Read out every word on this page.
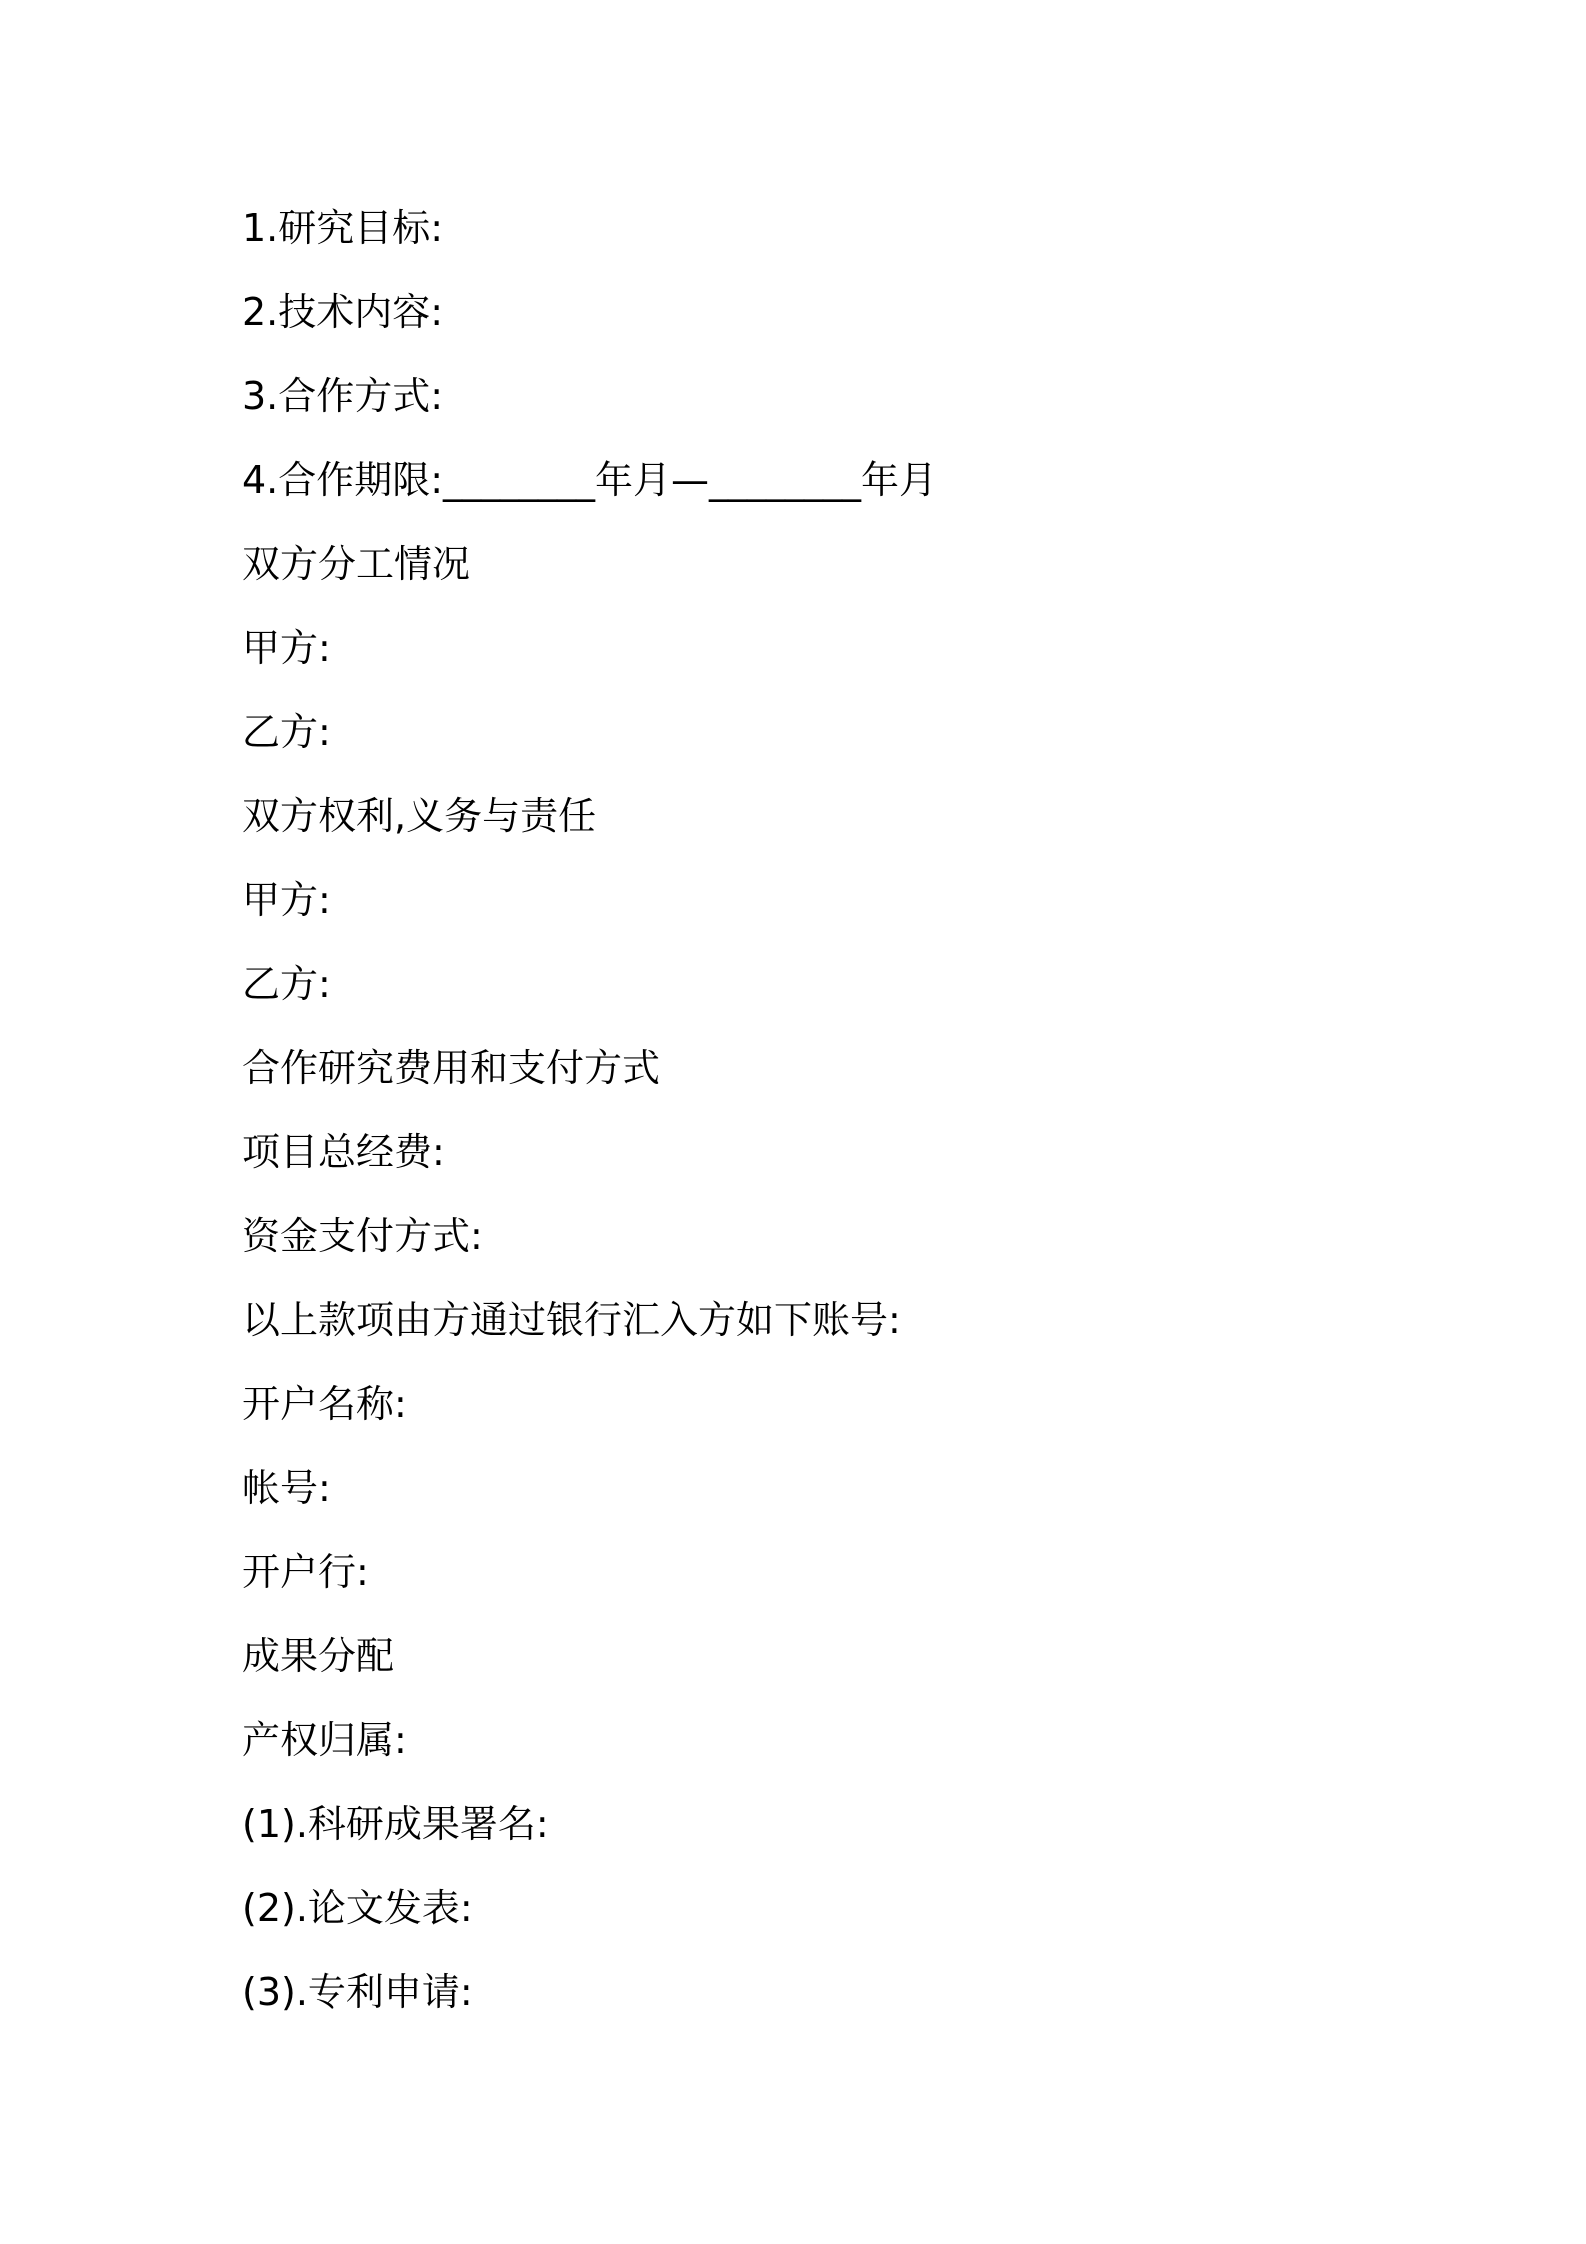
1.研究目标:
2.技术内容:
3.合作方式:
4.合作期限:________年月—________年月
双方分工情况
甲方:
乙方:
双方权利,义务与责任
甲方:
乙方:
合作研究费用和支付方式
项目总经费:
资金支付方式:
以上款项由方通过银行汇入方如下账号:
开户名称:
帐号:
开户行:
成果分配
产权归属:
(1).科研成果署名:
(2).论文发表:
(3).专利申请:
